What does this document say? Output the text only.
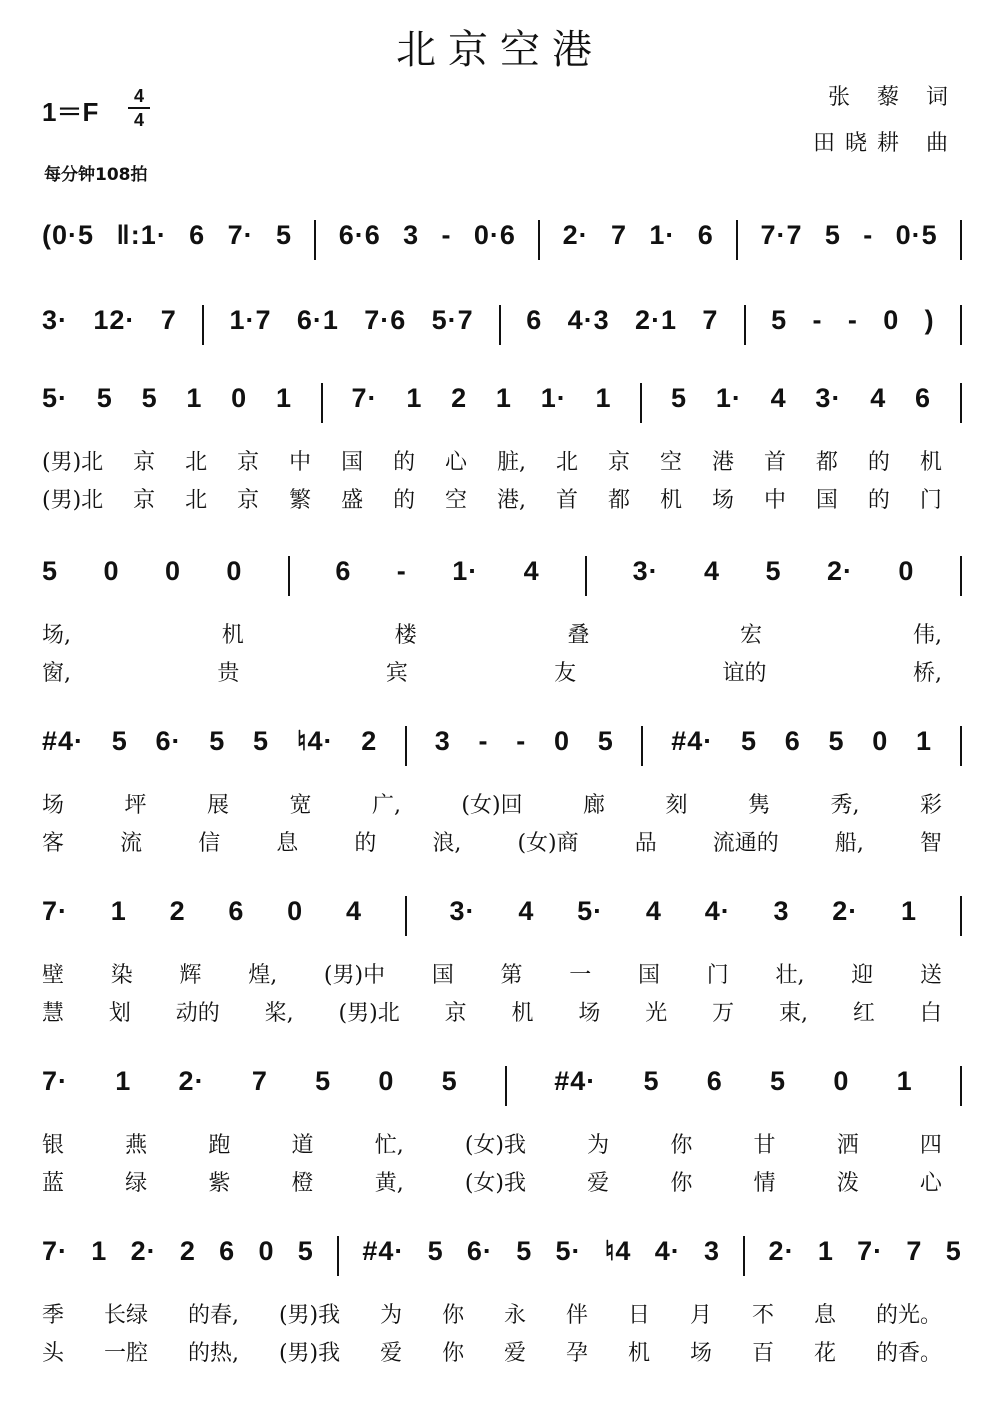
北京空港
1＝F
4
4
张 藜 词
田晓耕 曲
每分钟108拍
(0·5 ‖:1· 6 7· 5 6·6 3 - 0·6 2· 7 1· 6 7·7 5 - 0·5
3· 12· 7 1·7 6·1 7·6 5·7 6 4·3 2·1 7 5 - - 0 )
5· 5 5 1 0 1 7· 1 2 1 1· 1 5 1· 4 3· 4 6
(男)北 京 北 京 中 国 的 心 脏, 北 京 空 港 首 都 的 机
(男)北 京 北 京 繁 盛 的 空 港, 首 都 机 场 中 国 的 门
5 0 0 0	6 - 1· 4	3· 4 5 2· 0
场,	机	楼	叠	宏	伟,
窗,	贵	宾	友	谊的	桥,
#4· 5 6· 5 5 ♮4· 2 3 - - 0 5 #4· 5 6 5 0 1
场	坪	展	宽	广,	(女)回	廊	刻	隽	秀,	彩
客	流	信	息	的	浪,	(女)商	品	流通的	船,	智
7· 1 2 6 0 4	3· 4 5· 4 4· 3 2· 1
壁 染 辉 煌, (男)中 国 第 一 国 门 壮, 迎 送
慧 划 动的 桨, (男)北 京 机 场 光 万 束, 红 白
7· 1 2· 7 5 0 5	#4· 5 6 5 0 1
银	燕	跑	道	忙,	(女)我	为	你	甘	洒	四
蓝	绿	紫	橙	黄,	(女)我	爱	你	情	泼	心
7· 1 2· 2 6 0 5 #4· 5 6· 5 5· ♮4 4· 3 2· 1 7· 7 5
季 长绿 的春, (男)我 为 你 永 伴 日 月 不 息 的光。
头 一腔 的热, (男)我 爱 你 爱 孕 机 场 百 花 的香。
